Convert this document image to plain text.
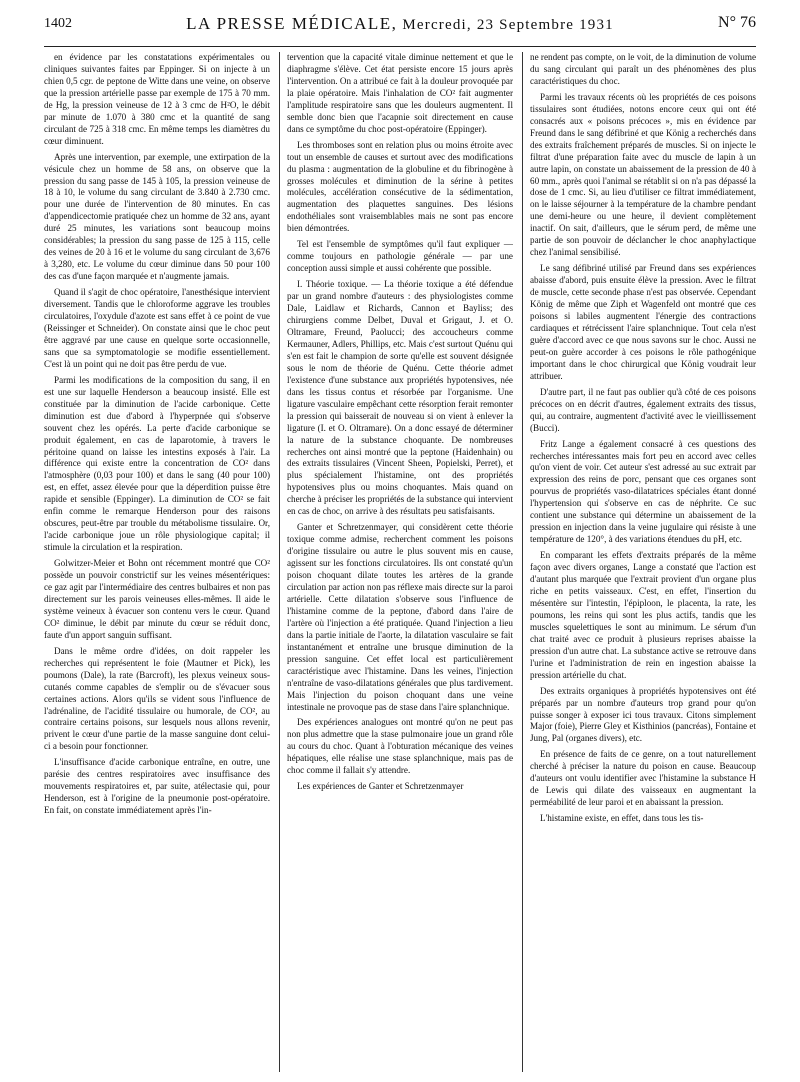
1402	LA PRESSE MÉDICALE, Mercredi, 23 Septembre 1931	N° 76

en évidence par les constatations expérimentales ou cliniques suivantes faites par Eppinger. Si on injecte à un chien 0,5 cgr. de peptone de Witte dans une veine, on observe que la pression artérielle passe par exemple de 175 à 70 mm. de Hg, la pression veineuse de 12 à 3 cmc de H²O, le débit par minute de 1.070 à 380 cmc et la quantité de sang circulant de 725 à 318 cmc. En même temps les diamètres du cœur diminuent.

Après une intervention, par exemple, une extirpation de la vésicule chez un homme de 58 ans, on observe que la pression du sang passe de 145 à 105, la pression veineuse de 18 à 10, le volume du sang circulant de 3.840 à 2.730 cmc. pour une durée de l'intervention de 80 minutes. En cas d'appendicectomie pratiquée chez un homme de 32 ans, ayant duré 25 minutes, les variations sont beaucoup moins considérables; la pression du sang passe de 125 à 115, celle des veines de 20 à 16 et le volume du sang circulant de 3,676 à 3,280, etc. Le volume du cœur diminue dans 50 pour 100 des cas d'une façon marquée et n'augmente jamais.

Quand il s'agit de choc opératoire, l'anesthésique intervient diversement. Tandis que le chloroforme aggrave les troubles circulatoires, l'oxydule d'azote est sans effet à ce point de vue (Reissinger et Schneider). On constate ainsi que le choc peut être aggravé par une cause en quelque sorte occasionnelle, sans que sa symptomatologie se modifie essentiellement. C'est là un point qui ne doit pas être perdu de vue.

Parmi les modifications de la composition du sang, il en est une sur laquelle Henderson a beaucoup insisté. Elle est constituée par la diminution de l'acide carbonique. Cette diminution est due d'abord à l'hyperpnée qui s'observe souvent chez les opérés. La perte d'acide carbonique se produit également, en cas de laparotomie, à travers le péritoine quand on laisse les intestins exposés à l'air. La différence qui existe entre la concentration de CO² dans l'atmosphère (0,03 pour 100) et dans le sang (40 pour 100) est, en effet, assez élevée pour que la déperdition puisse être rapide et sensible (Eppinger). La diminution de CO² se fait enfin comme le remarque Henderson pour des raisons obscures, peut-être par trouble du métabolisme tissulaire. Or, l'acide carbonique joue un rôle physiologique capital; il stimule la circulation et la respiration.

Golwitzer-Meier et Bohn ont récemment montré que CO² possède un pouvoir constrictif sur les veines mésentériques: ce gaz agit par l'intermédiaire des centres bulbaires et non pas directement sur les parois veineuses elles-mêmes. Il aide le système veineux à évacuer son contenu vers le cœur. Quand CO² diminue, le débit par minute du cœur se réduit donc, faute d'un apport sanguin suffisant.

Dans le même ordre d'idées, on doit rappeler les recherches qui représentent le foie (Mautner et Pick), les poumons (Dale), la rate (Barcroft), les plexus veineux sous-cutanés comme capables de s'emplir ou de s'évacuer sous certaines actions. Alors qu'ils se vident sous l'influence de l'adrénaline, de l'acidité tissulaire ou humorale, de CO², au contraire certains poisons, sur lesquels nous allons revenir, privent le cœur d'une partie de la masse sanguine dont celui-ci a besoin pour fonctionner.

L'insuffisance d'acide carbonique entraîne, en outre, une parésie des centres respiratoires avec insuffisance des mouvements respiratoires et, par suite, atélectasie qui, pour Henderson, est à l'origine de la pneumonie post-opératoire. En fait, on constate immédiatement après l'in-

tervention que la capacité vitale diminue nettement et que le diaphragme s'élève. Cet état persiste encore 15 jours après l'intervention. On a attribué ce fait à la douleur provoquée par la plaie opératoire. Mais l'inhalation de CO² fait augmenter l'amplitude respiratoire sans que les douleurs augmentent. Il semble donc bien que l'acapnie soit directement en cause dans ce symptôme du choc post-opératoire (Eppinger).

Les thromboses sont en relation plus ou moins étroite avec tout un ensemble de causes et surtout avec des modifications du plasma : augmentation de la globuline et du fibrinogène à grosses molécules et diminution de la sérine à petites molécules, accélération consécutive de la sédimentation, augmentation des plaquettes sanguines. Des lésions endothéliales sont vraisemblables mais ne sont pas encore bien démontrées.

Tel est l'ensemble de symptômes qu'il faut expliquer — comme toujours en pathologie générale — par une conception aussi simple et aussi cohérente que possible.

I. Théorie toxique. — La théorie toxique a été défendue par un grand nombre d'auteurs : des physiologistes comme Dale, Laidlaw et Richards, Cannon et Bayliss; des chirurgiens comme Delbet, Duval et Grigaut, J. et O. Oltramare, Freund, Paolucci; des accoucheurs comme Kermauner, Adlers, Phillips, etc. Mais c'est surtout Quénu qui s'en est fait le champion de sorte qu'elle est souvent désignée sous le nom de théorie de Quénu. Cette théorie admet l'existence d'une substance aux propriétés hypotensives, née dans les tissus contus et résorbée par l'organisme. Une ligature vasculaire empêchant cette résorption ferait remonter la pression qui baisserait de nouveau si on vient à enlever la ligature (I. et O. Oltramare). On a donc essayé de déterminer la nature de la substance choquante. De nombreuses recherches ont ainsi montré que la peptone (Haidenhain) ou des extraits tissulaires (Vincent Sheen, Popielski, Perret), et plus spécialement l'histamine, ont des propriétés hypotensives plus ou moins choquantes. Mais quand on cherche à préciser les propriétés de la substance qui intervient en cas de choc, on arrive à des résultats peu satisfaisants.

Ganter et Schretzenmayer, qui considèrent cette théorie toxique comme admise, recherchent comment les poisons d'origine tissulaire ou autre le plus souvent mis en cause, agissent sur les fonctions circulatoires. Ils ont constaté qu'un poison choquant dilate toutes les artères de la grande circulation par action non pas réflexe mais directe sur la paroi artérielle. Cette dilatation s'observe sous l'influence de l'histamine comme de la peptone, d'abord dans l'aire de l'artère où l'injection a été pratiquée. Quand l'injection a lieu dans la partie initiale de l'aorte, la dilatation vasculaire se fait instantanément et entraîne une brusque diminution de la pression sanguine. Cet effet local est particulièrement caractéristique avec l'histamine. Dans les veines, l'injection n'entraîne de vaso-dilatations générales que plus tardivement. Mais l'injection du poison choquant dans une veine intestinale ne provoque pas de stase dans l'aire splanchnique.

Des expériences analogues ont montré qu'on ne peut pas non plus admettre que la stase pulmonaire joue un grand rôle au cours du choc. Quant à l'obturation mécanique des veines hépatiques, elle réalise une stase splanchnique, mais pas de choc comme il fallait s'y attendre.

Les expériences de Ganter et Schretzenmayer

ne rendent pas compte, on le voit, de la diminution de volume du sang circulant qui paraît un des phénomènes des plus caractéristiques du choc.

Parmi les travaux récents où les propriétés de ces poisons tissulaires sont étudiées, notons encore ceux qui ont été consacrés aux « poisons précoces », mis en évidence par Freund dans le sang défibriné et que König a recherchés dans des extraits fraîchement préparés de muscles. Si on injecte le filtrat d'une préparation faite avec du muscle de lapin à un autre lapin, on constate un abaissement de la pression de 40 à 60 mm., après quoi l'animal se rétablit si on n'a pas dépassé la dose de 1 cmc. Si, au lieu d'utiliser ce filtrat immédiatement, on le laisse séjourner à la température de la chambre pendant une demi-heure ou une heure, il devient complètement inactif. On sait, d'ailleurs, que le sérum perd, de même une partie de son pouvoir de déclancher le choc anaphylactique chez l'animal sensibilisé.

Le sang défibriné utilisé par Freund dans ses expériences abaisse d'abord, puis ensuite élève la pression. Avec le filtrat de muscle, cette seconde phase n'est pas observée. Cependant König de même que Ziph et Wagenfeld ont montré que ces poisons si labiles augmentent l'énergie des contractions cardiaques et rétrécissent l'aire splanchnique. Tout cela n'est guère d'accord avec ce que nous savons sur le choc. Aussi ne peut-on guère accorder à ces poisons le rôle pathogénique important dans le choc chirurgical que König voudrait leur attribuer.

D'autre part, il ne faut pas oublier qu'à côté de ces poisons précoces on en décrit d'autres, également extraits des tissus, qui, au contraire, augmentent d'activité avec le vieillissement (Bucci).

Fritz Lange a également consacré à ces questions des recherches intéressantes mais fort peu en accord avec celles qu'on vient de voir. Cet auteur s'est adressé au suc extrait par expression des reins de porc, pensant que ces organes sont pourvus de propriétés vaso-dilatatrices spéciales étant donné l'hypertension qui s'observe en cas de néphrite. Ce suc contient une substance qui détermine un abaissement de la pression en injection dans la veine jugulaire qui résiste à une température de 120°, à des variations étendues du pH, etc.

En comparant les effets d'extraits préparés de la même façon avec divers organes, Lange a constaté que l'action est d'autant plus marquée que l'extrait provient d'un organe plus riche en petits vaisseaux. C'est, en effet, l'insertion du mésentère sur l'intestin, l'épiploon, le placenta, la rate, les poumons, les reins qui sont les plus actifs, tandis que les muscles squelettiques le sont au minimum. Le sérum d'un chat traité avec ce produit à plusieurs reprises abaisse la pression d'un autre chat. La substance active se retrouve dans l'urine et l'administration de rein en ingestion abaisse la pression artérielle du chat.

Des extraits organiques à propriétés hypotensives ont été préparés par un nombre d'auteurs trop grand pour qu'on puisse songer à exposer ici tous travaux. Citons simplement Major (foie), Pierre Gley et Kisthinios (pancréas), Fontaine et Jung, Pal (organes divers), etc.

En présence de faits de ce genre, on a tout naturellement cherché à préciser la nature du poison en cause. Beaucoup d'auteurs ont voulu identifier avec l'histamine la substance H de Lewis qui dilate des vaisseaux en augmentant la perméabilité de leur paroi et en abaissant la pression.

L'histamine existe, en effet, dans tous les tis-
